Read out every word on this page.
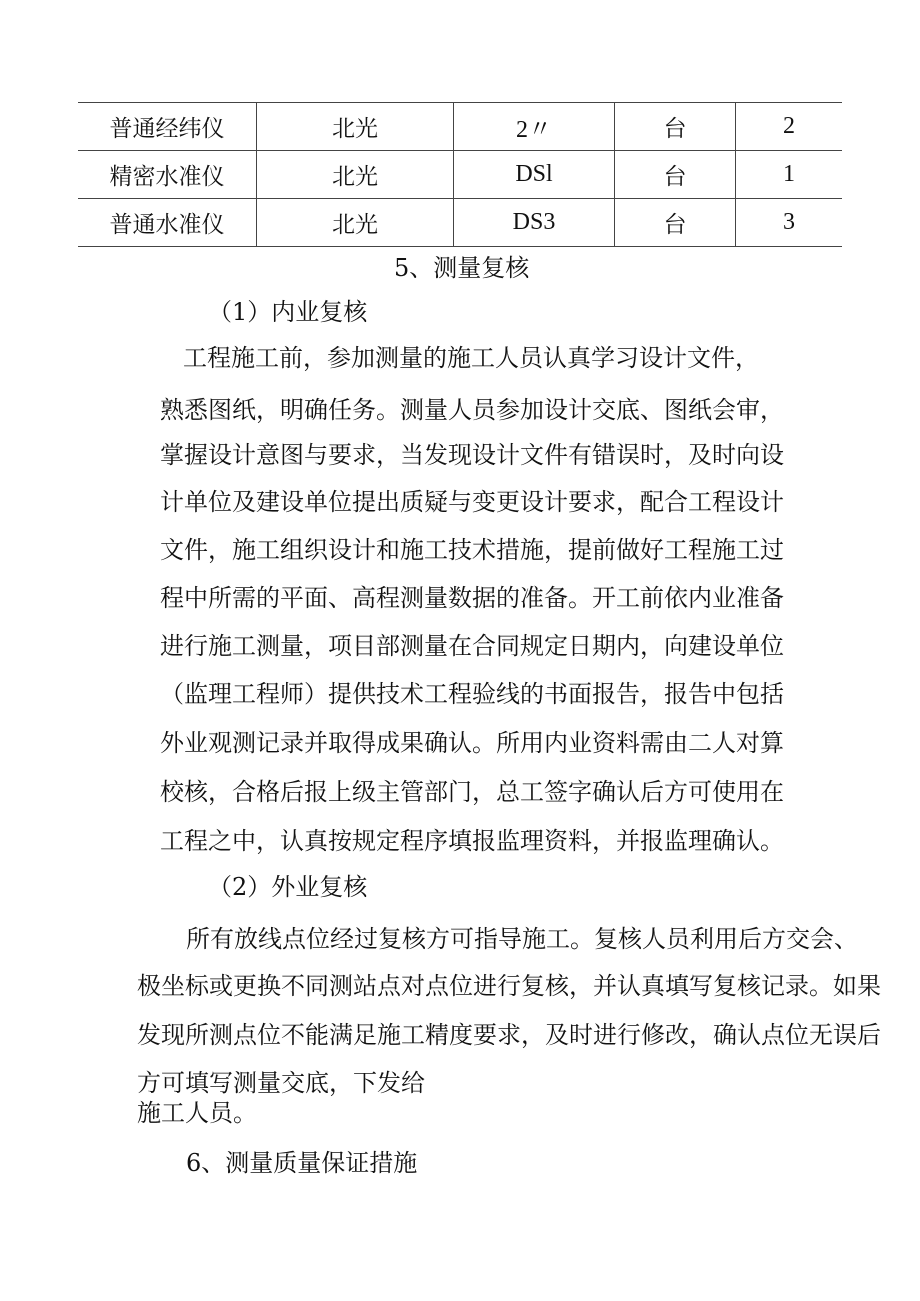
普通经纬仪	北光	2〃	台	2
精密水准仪	北光	DSl	台	1
普通水准仪	北光	DS3	台	3
5、测量复核
（1）内业复核
工程施工前，参加测量的施工人员认真学习设计文件，
熟悉图纸，明确任务。测量人员参加设计交底、图纸会审，
掌握设计意图与要求，当发现设计文件有错误时，及时向设
计单位及建设单位提出质疑与变更设计要求，配合工程设计
文件，施工组织设计和施工技术措施，提前做好工程施工过
程中所需的平面、高程测量数据的准备。开工前依内业准备
进行施工测量，项目部测量在合同规定日期内，向建设单位
（监理工程师）提供技术工程验线的书面报告，报告中包括
外业观测记录并取得成果确认。所用内业资料需由二人对算
校核，合格后报上级主管部门，总工签字确认后方可使用在
工程之中，认真按规定程序填报监理资料，并报监理确认。
（2）外业复核
所有放线点位经过复核方可指导施工。复核人员利用后方交会、
极坐标或更换不同测站点对点位进行复核，并认真填写复核记录。如果
发现所测点位不能满足施工精度要求，及时进行修改，确认点位无误后
方可填写测量交底，下发给
施工人员。
6、测量质量保证措施
